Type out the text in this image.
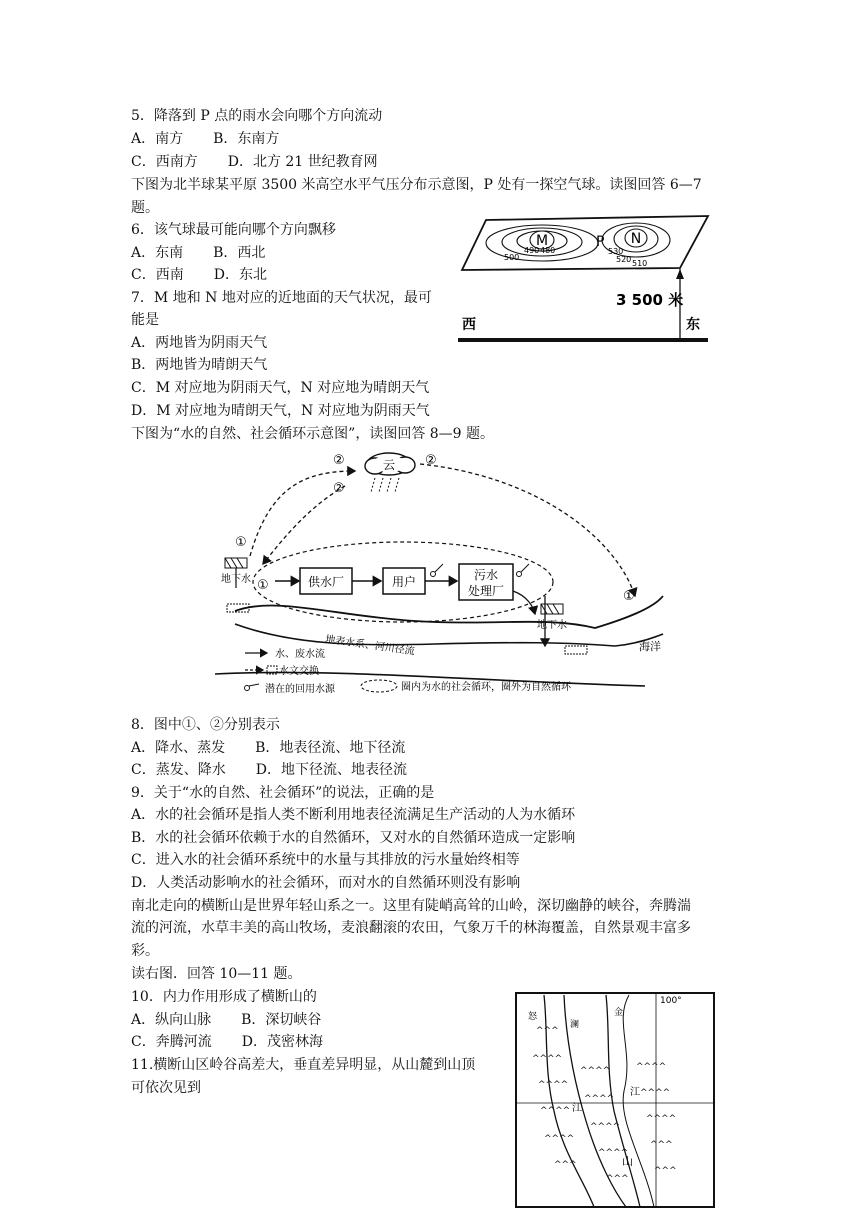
5．降落到 P 点的雨水会向哪个方向流动
A．南方 B．东南方
C．西南方 D．北方 21 世纪教育网
下图为北半球某平原 3500 米高空水平气压分布示意图，P 处有一探空气球。读图回答 6—7
题。
6．该气球最可能向哪个方向飘移
A．东南 B．西北
C．西南 D．东北
7．M 地和 N 地对应的近地面的天气状况，最可
能是
A．两地皆为阴雨天气
B．两地皆为晴朗天气
C．M 对应地为阴雨天气，N 对应地为晴朗天气
D．M 对应地为晴朗天气，N 对应地为阴雨天气
M	P N
500
490 480	530
520 510
3 500 米
西	东
下图为“水的自然、社会循环示意图”，读图回答 8—9 题。
云
②
②
②
①
①
①
地下水	供水厂	用户	污水
处理厂
地下水
地表水系、河川径流	海洋
水、废水流
水文交换
潜在的回用水源	圈内为水的社会循环，圈外为自然循环
8．图中①、②分别表示
A．降水、蒸发 B．地表径流、地下径流
C．蒸发、降水 D．地下径流、地表径流
9．关于“水的自然、社会循环”的说法，正确的是
A．水的社会循环是指人类不断利用地表径流满足生产活动的人为水循环
B．水的社会循环依赖于水的自然循环，又对水的自然循环造成一定影响
C．进入水的社会循环系统中的水量与其排放的污水量始终相等
D．人类活动影响水的社会循环，而对水的自然循环则没有影响
南北走向的横断山是世界年轻山系之一。这里有陡峭高耸的山岭，深切幽静的峡谷，奔腾湍
流的河流，水草丰美的高山牧场，麦浪翻滚的农田，气象万千的林海覆盖，自然景观丰富多
彩。
读右图．回答 10—11 题。
10．内力作用形成了横断山的
A．纵向山脉 B．深切峡谷
C．奔腾河流 D．茂密林海
11.横断山区岭谷高差大，垂直差异明显，从山麓到山顶
可依次见到
100°
^^^
^^^^
^^^^
^^^^
^^^^
^^^
^^^^
^^^^
^^^^
^^^^
^^^
^^^^
^^^^
^^^^
^^^
^^^
怒	金
澜
江
江
山
